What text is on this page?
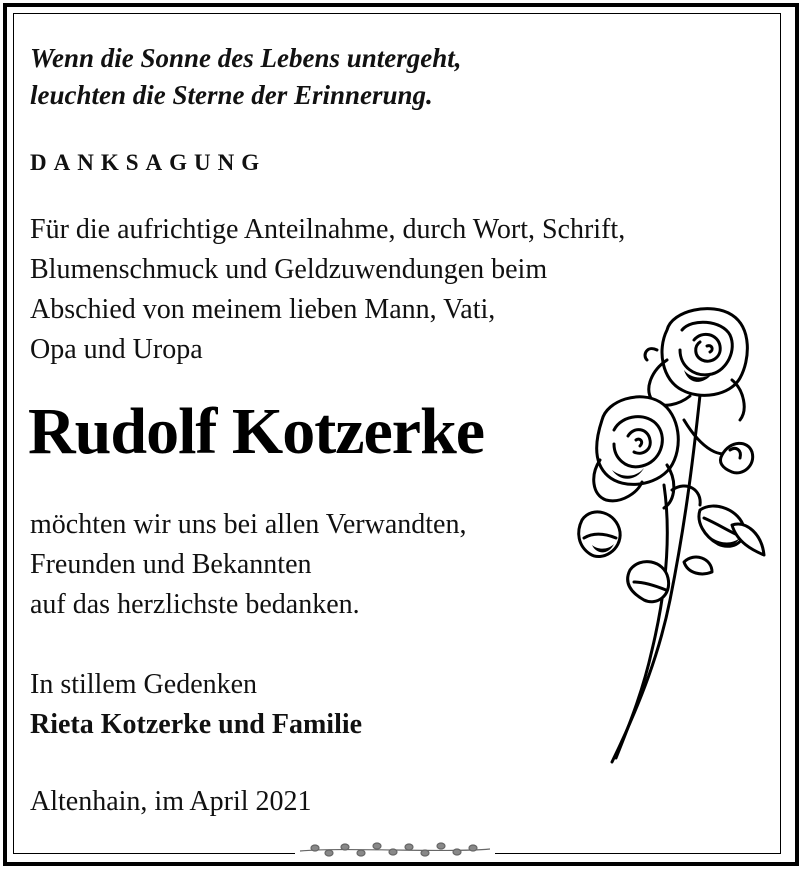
Wenn die Sonne des Lebens untergeht,
leuchten die Sterne der Erinnerung.
DANKSAGUNG
Für die aufrichtige Anteilnahme, durch Wort, Schrift,
Blumenschmuck und Geldzuwendungen beim
Abschied von meinem lieben Mann, Vati,
Opa und Uropa
Rudolf Kotzerke
möchten wir uns bei allen Verwandten,
Freunden und Bekannten
auf das herzlichste bedanken.
In stillem Gedenken
Rieta Kotzerke und Familie
Altenhain, im April 2021
